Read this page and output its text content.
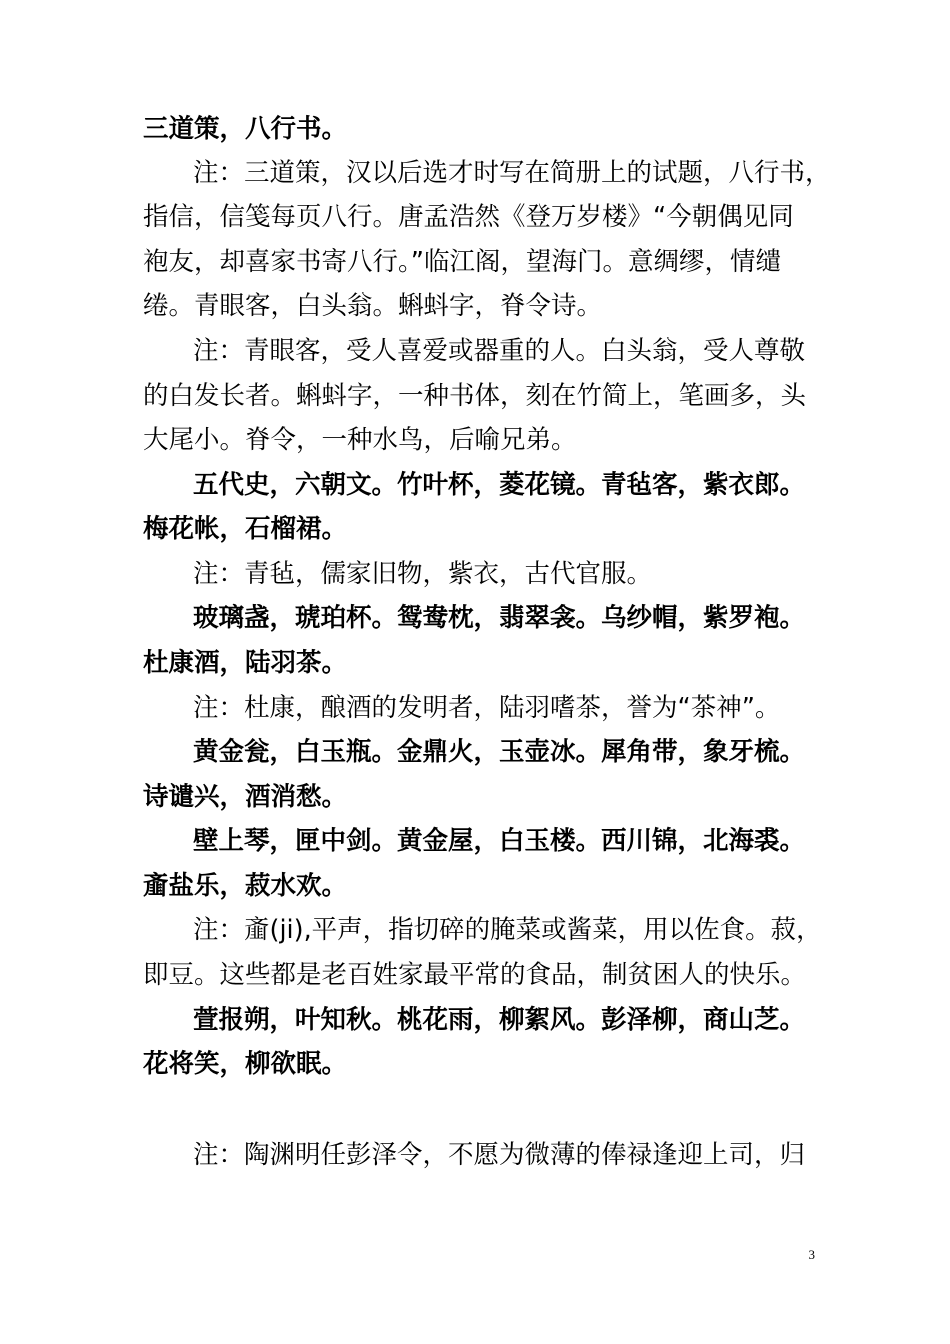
三道策，八行书。
注：三道策，汉以后选才时写在简册上的试题，八行书，
指信，信笺每页八行。唐孟浩然《登万岁楼》“今朝偶见同
袍友，却喜家书寄八行。”临江阁，望海门。意绸缪，情缱
绻。青眼客，白头翁。蝌蚪字，脊令诗。
注：青眼客，受人喜爱或器重的人。白头翁，受人尊敬
的白发长者。蝌蚪字，一种书体，刻在竹简上，笔画多，头
大尾小。脊令，一种水鸟，后喻兄弟。
五代史，六朝文。竹叶杯，菱花镜。青毡客，紫衣郎。
梅花帐，石榴裙。
注：青毡，儒家旧物，紫衣，古代官服。
玻璃盏，琥珀杯。鸳鸯枕，翡翠衾。乌纱帽，紫罗袍。
杜康酒，陆羽茶。
注：杜康，酿酒的发明者，陆羽嗜茶，誉为“茶神”。
黄金瓮，白玉瓶。金鼎火，玉壶冰。犀角带，象牙梳。
诗谴兴，酒消愁。
壁上琴，匣中剑。黄金屋，白玉楼。西川锦，北海裘。
齑盐乐，菽水欢。
注：齑(ji),平声，指切碎的腌菜或酱菜，用以佐食。菽，
即豆。这些都是老百姓家最平常的食品，制贫困人的快乐。
萱报朔，叶知秋。桃花雨，柳絮风。彭泽柳，商山芝。
花将笑，柳欲眠。
注：陶渊明任彭泽令，不愿为微薄的俸禄逢迎上司，归
3
